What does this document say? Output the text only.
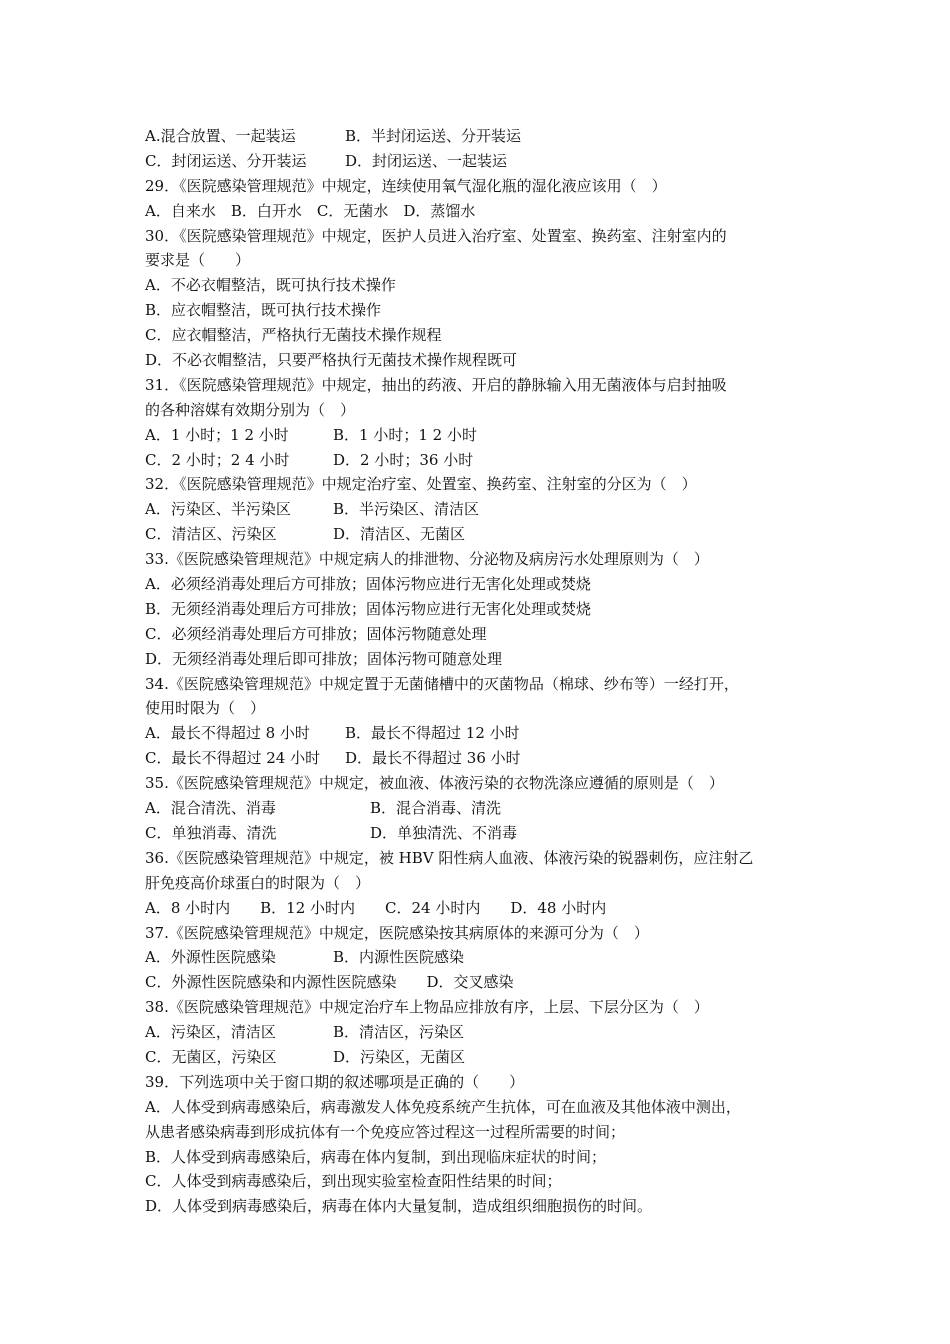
A.混合放置、一起装运	B．半封闭运送、分开装运
C．封闭运送、分开装运	D．封闭运送、一起装运
29．《医院感染管理规范》中规定，连续使用氧气湿化瓶的湿化液应该用（　）
A．自来水　B．白开水　C．无菌水　D．蒸馏水
30．《医院感染管理规范》中规定，医护人员进入治疗室、处置室、换药室、注射室内的
要求是（　　）
A．不必衣帽整洁，既可执行技术操作
B．应衣帽整洁，既可执行技术操作
C．应衣帽整洁，严格执行无菌技术操作规程
D．不必衣帽整洁，只要严格执行无菌技术操作规程既可
31．《医院感染管理规范》中规定，抽出的药液、开启的静脉输入用无菌液体与启封抽吸
的各种溶媒有效期分别为（　）
A．1 小时；1 2 小时	B．1 小时；1 2 小时
C．2 小时；2 4 小时	D．2 小时；36 小时
32．《医院感染管理规范》中规定治疗室、处置室、换药室、注射室的分区为（　）
A．污染区、半污染区	B．半污染区、清洁区
C．清洁区、污染区	D．清洁区、无菌区
33.《医院感染管理规范》中规定病人的排泄物、分泌物及病房污水处理原则为（　）
A．必须经消毒处理后方可排放；固体污物应进行无害化处理或焚烧
B．无须经消毒处理后方可排放；固体污物应进行无害化处理或焚烧
C．必须经消毒处理后方可排放；固体污物随意处理
D．无须经消毒处理后即可排放；固体污物可随意处理
34.《医院感染管理规范》中规定置于无菌储槽中的灭菌物品（棉球、纱布等）一经打开，
使用时限为（　）
A．最长不得超过 8 小时 B．最长不得超过 12 小时
C．最长不得超过 24 小时 D．最长不得超过 36 小时
35.《医院感染管理规范》中规定，被血液、体液污染的衣物洗涤应遵循的原则是（　）
A．混合清洗、消毒	B．混合消毒、清洗
C．单独消毒、清洗	D．单独清洗、不消毒
36.《医院感染管理规范》中规定，被 HBV 阳性病人血液、体液污染的锐器刺伤，应注射乙
肝免疫高价球蛋白的时限为（　）
A．8 小时内　　B．12 小时内　　C．24 小时内　　D．48 小时内
37.《医院感染管理规范》中规定，医院感染按其病原体的来源可分为（　）
A．外源性医院感染	B．内源性医院感染
C．外源性医院感染和内源性医院感染　　D．交叉感染
38.《医院感染管理规范》中规定治疗车上物品应排放有序，上层、下层分区为（　）
A．污染区，清洁区	B．清洁区，污染区
C．无菌区，污染区	D．污染区，无菌区
39．下列选项中关于窗口期的叙述哪项是正确的（　　）
A．人体受到病毒感染后，病毒激发人体免疫系统产生抗体，可在血液及其他体液中测出，
从患者感染病毒到形成抗体有一个免疫应答过程这一过程所需要的时间；
B．人体受到病毒感染后，病毒在体内复制，到出现临床症状的时间；
C．人体受到病毒感染后，到出现实验室检查阳性结果的时间；
D．人体受到病毒感染后，病毒在体内大量复制，造成组织细胞损伤的时间。
